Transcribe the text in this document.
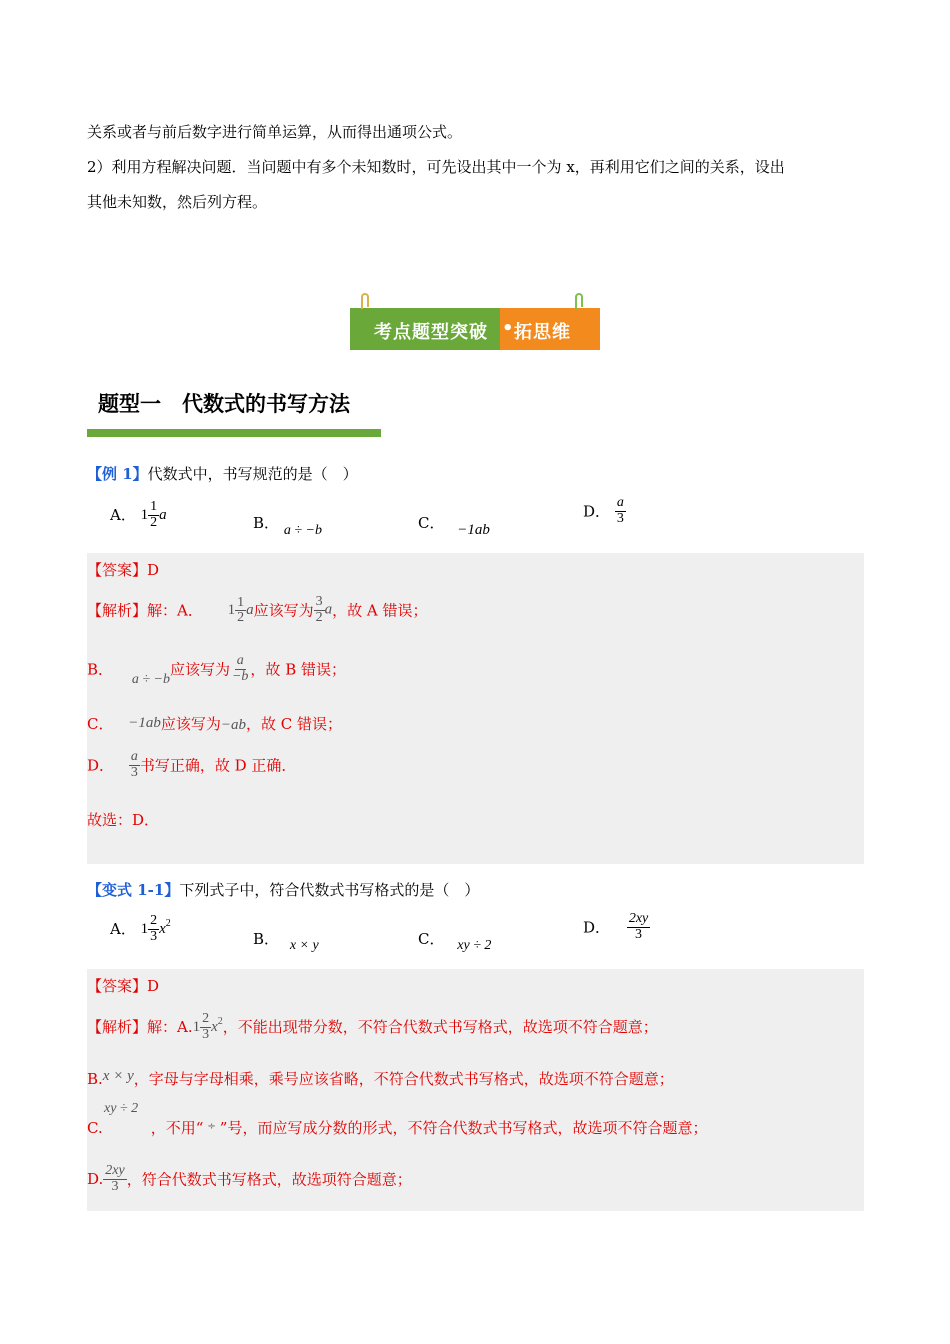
关系或者与前后数字进行简单运算，从而得出通项公式。
2）利用方程解决问题．当问题中有多个未知数时，可先设出其中一个为 x，再利用它们之间的关系，设出
其他未知数，然后列方程。
考点题型突破 • 拓思维
题型一　代数式的书写方法
【例 1】代数式中，书写规范的是（　）
A． $1 \frac{1}{2}$ a	B． a ÷ −b	C． −1ab
D． $\frac{a}{3}$
【答案】D
【解析】解：A． $1 \frac{1}{2}$ a 应该写为 $\frac{3}{2}$ a，故 A 错误；
B． a ÷ −b应该写为 $\frac{a}{-b}$ ，故 B 错误；
C． −1ab应该写为−ab，故 C 错误；
D． $\frac{a}{3}$ 书写正确，故 D 正确．
故选：D．
【变式 1-1】下列式子中，符合代数式书写格式的是（　）
A． $1 \frac{2}{3} x^2$
B． x × y	C． xy ÷ 2
D． $\frac{2xy}{3}$
【答案】D
【解析】解：A. $1 \frac{2}{3} x^2$ ，不能出现带分数，不符合代数式书写格式，故选项不符合题意；
B.x × y，字母与字母相乘，乘号应该省略，不符合代数式书写格式，故选项不符合题意；
xy ÷ 2
C.	，不用“ ÷ ”号，而应写成分数的形式，不符合代数式书写格式，故选项不符合题意；
D. $\frac{2xy}{3}$ ，符合代数式书写格式，故选项符合题意；
